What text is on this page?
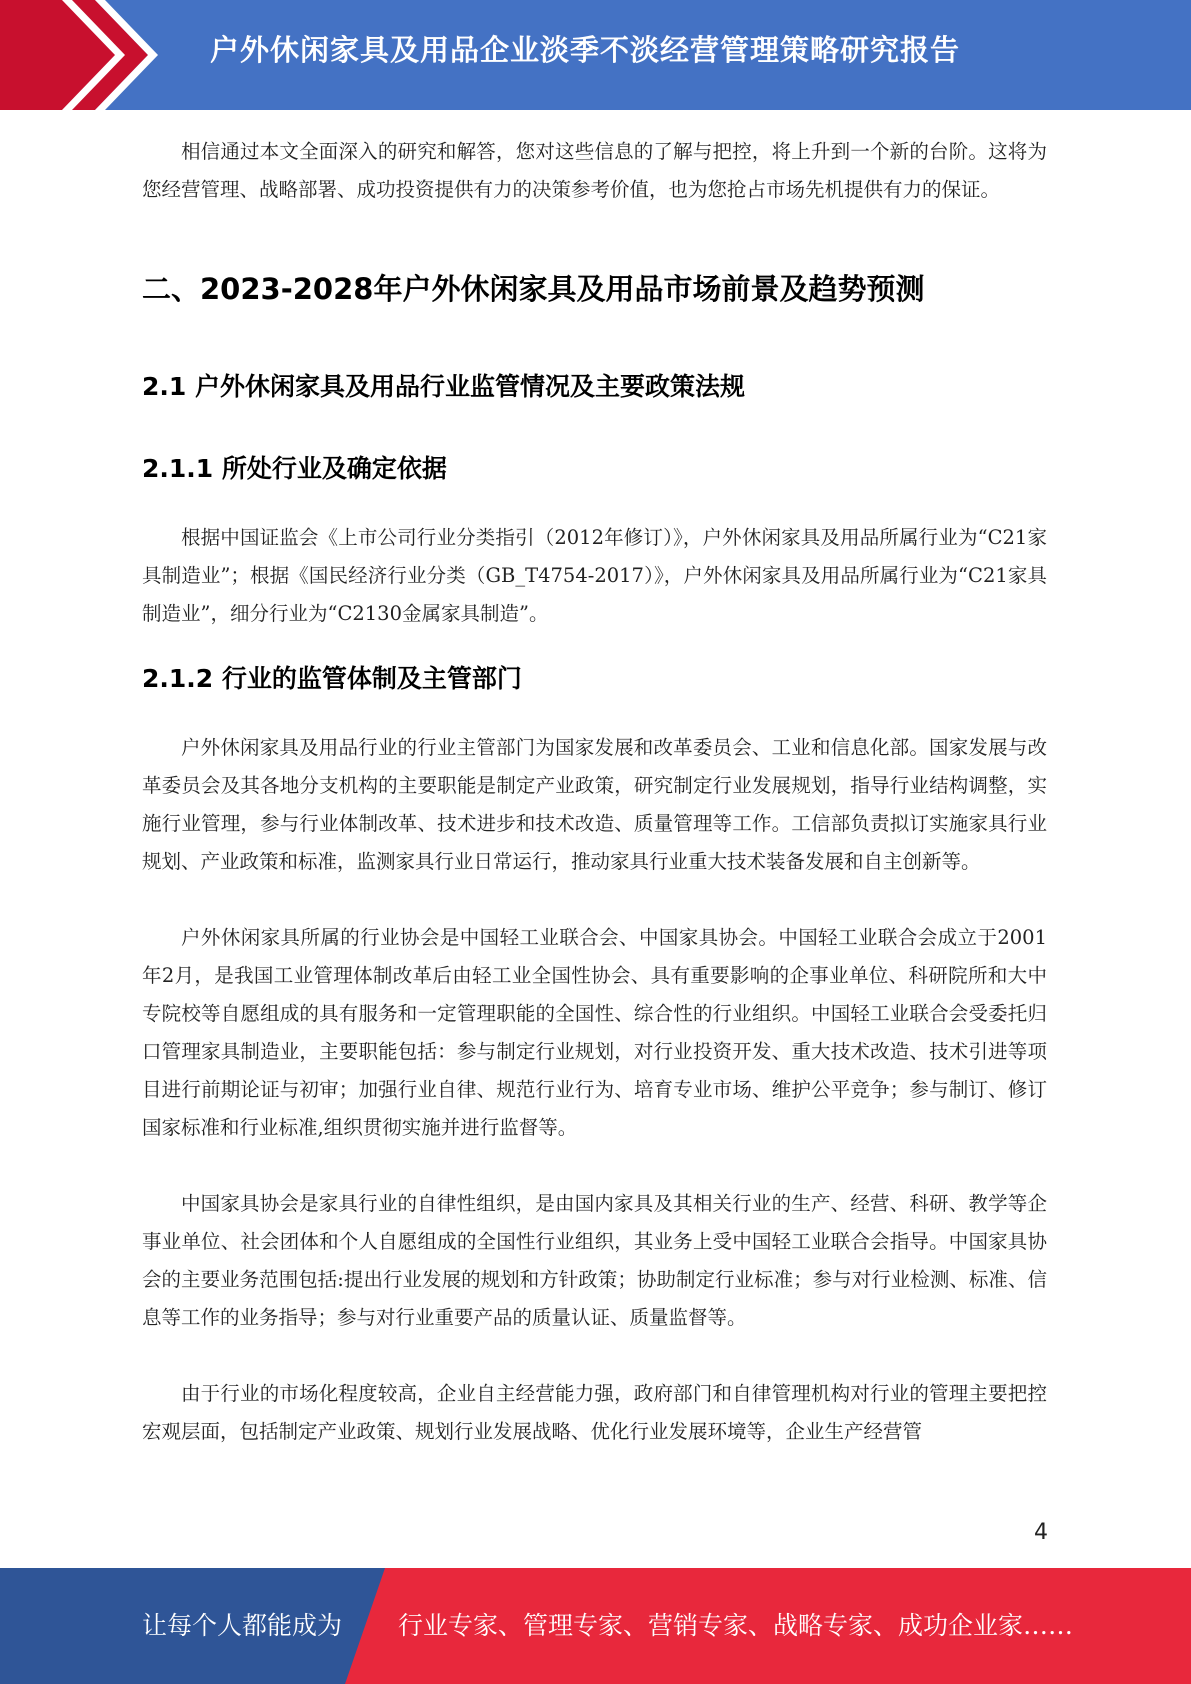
户外休闲家具及用品企业淡季不淡经营管理策略研究报告

相信通过本文全面深入的研究和解答，您对这些信息的了解与把控，将上升到一个新的台阶。这将为您经营管理、战略部署、成功投资提供有力的决策参考价值，也为您抢占市场先机提供有力的保证。

二、2023-2028年户外休闲家具及用品市场前景及趋势预测
2.1 户外休闲家具及用品行业监管情况及主要政策法规
2.1.1 所处行业及确定依据

根据中国证监会《上市公司行业分类指引（2012年修订）》，户外休闲家具及用品所属行业为“C21家具制造业”；根据《国民经济行业分类（GB_T4754-2017）》，户外休闲家具及用品所属行业为“C21家具制造业”，细分行业为“C2130金属家具制造”。

2.1.2 行业的监管体制及主管部门

户外休闲家具及用品行业的行业主管部门为国家发展和改革委员会、工业和信息化部。国家发展与改革委员会及其各地分支机构的主要职能是制定产业政策，研究制定行业发展规划，指导行业结构调整，实施行业管理，参与行业体制改革、技术进步和技术改造、质量管理等工作。工信部负责拟订实施家具行业规划、产业政策和标准，监测家具行业日常运行，推动家具行业重大技术装备发展和自主创新等。

户外休闲家具所属的行业协会是中国轻工业联合会、中国家具协会。中国轻工业联合会成立于2001年2月，是我国工业管理体制改革后由轻工业全国性协会、具有重要影响的企事业单位、科研院所和大中专院校等自愿组成的具有服务和一定管理职能的全国性、综合性的行业组织。中国轻工业联合会受委托归口管理家具制造业，主要职能包括：参与制定行业规划，对行业投资开发、重大技术改造、技术引进等项目进行前期论证与初审；加强行业自律、规范行业行为、培育专业市场、维护公平竞争；参与制订、修订国家标准和行业标准,组织贯彻实施并进行监督等。

中国家具协会是家具行业的自律性组织，是由国内家具及其相关行业的生产、经营、科研、教学等企事业单位、社会团体和个人自愿组成的全国性行业组织，其业务上受中国轻工业联合会指导。中国家具协会的主要业务范围包括:提出行业发展的规划和方针政策；协助制定行业标准；参与对行业检测、标准、信息等工作的业务指导；参与对行业重要产品的质量认证、质量监督等。

由于行业的市场化程度较高，企业自主经营能力强，政府部门和自律管理机构对行业的管理主要把控宏观层面，包括制定产业政策、规划行业发展战略、优化行业发展环境等，企业生产经营管

4
让每个人都能成为 行业专家、管理专家、营销专家、战略专家、成功企业家……
